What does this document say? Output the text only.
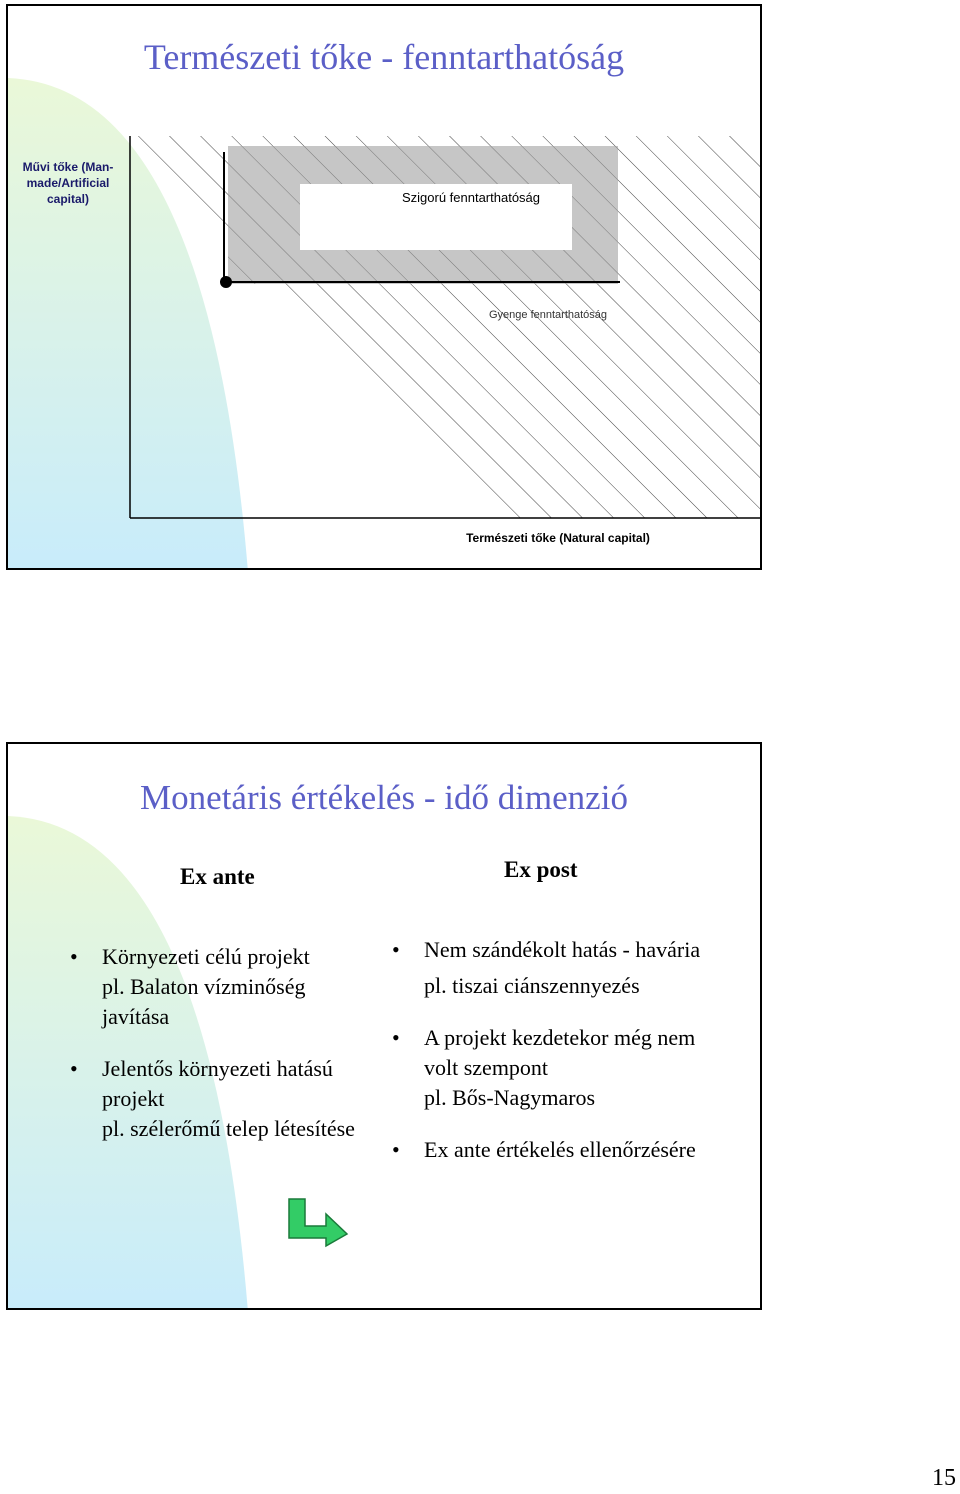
Természeti tőke - fenntarthatóság
Művi tőke (Man-made/Artificial capital)	Szigorú fenntarthatóság
Gyenge fenntarthatóság
Természeti tőke (Natural capital)
Monetáris értékelés - idő dimenzió
Ex ante	Ex post
• Környezeti célú projekt
pl. Balaton vízminőség javítása
• Jelentős környezeti hatású projekt
pl. szélerőmű telep létesítése
• Nem szándékolt hatás - havária
pl. tiszai ciánszennyezés
• A projekt kezdetekor még nem volt szempont
pl. Bős-Nagymaros
• Ex ante értékelés ellenőrzésére
15
